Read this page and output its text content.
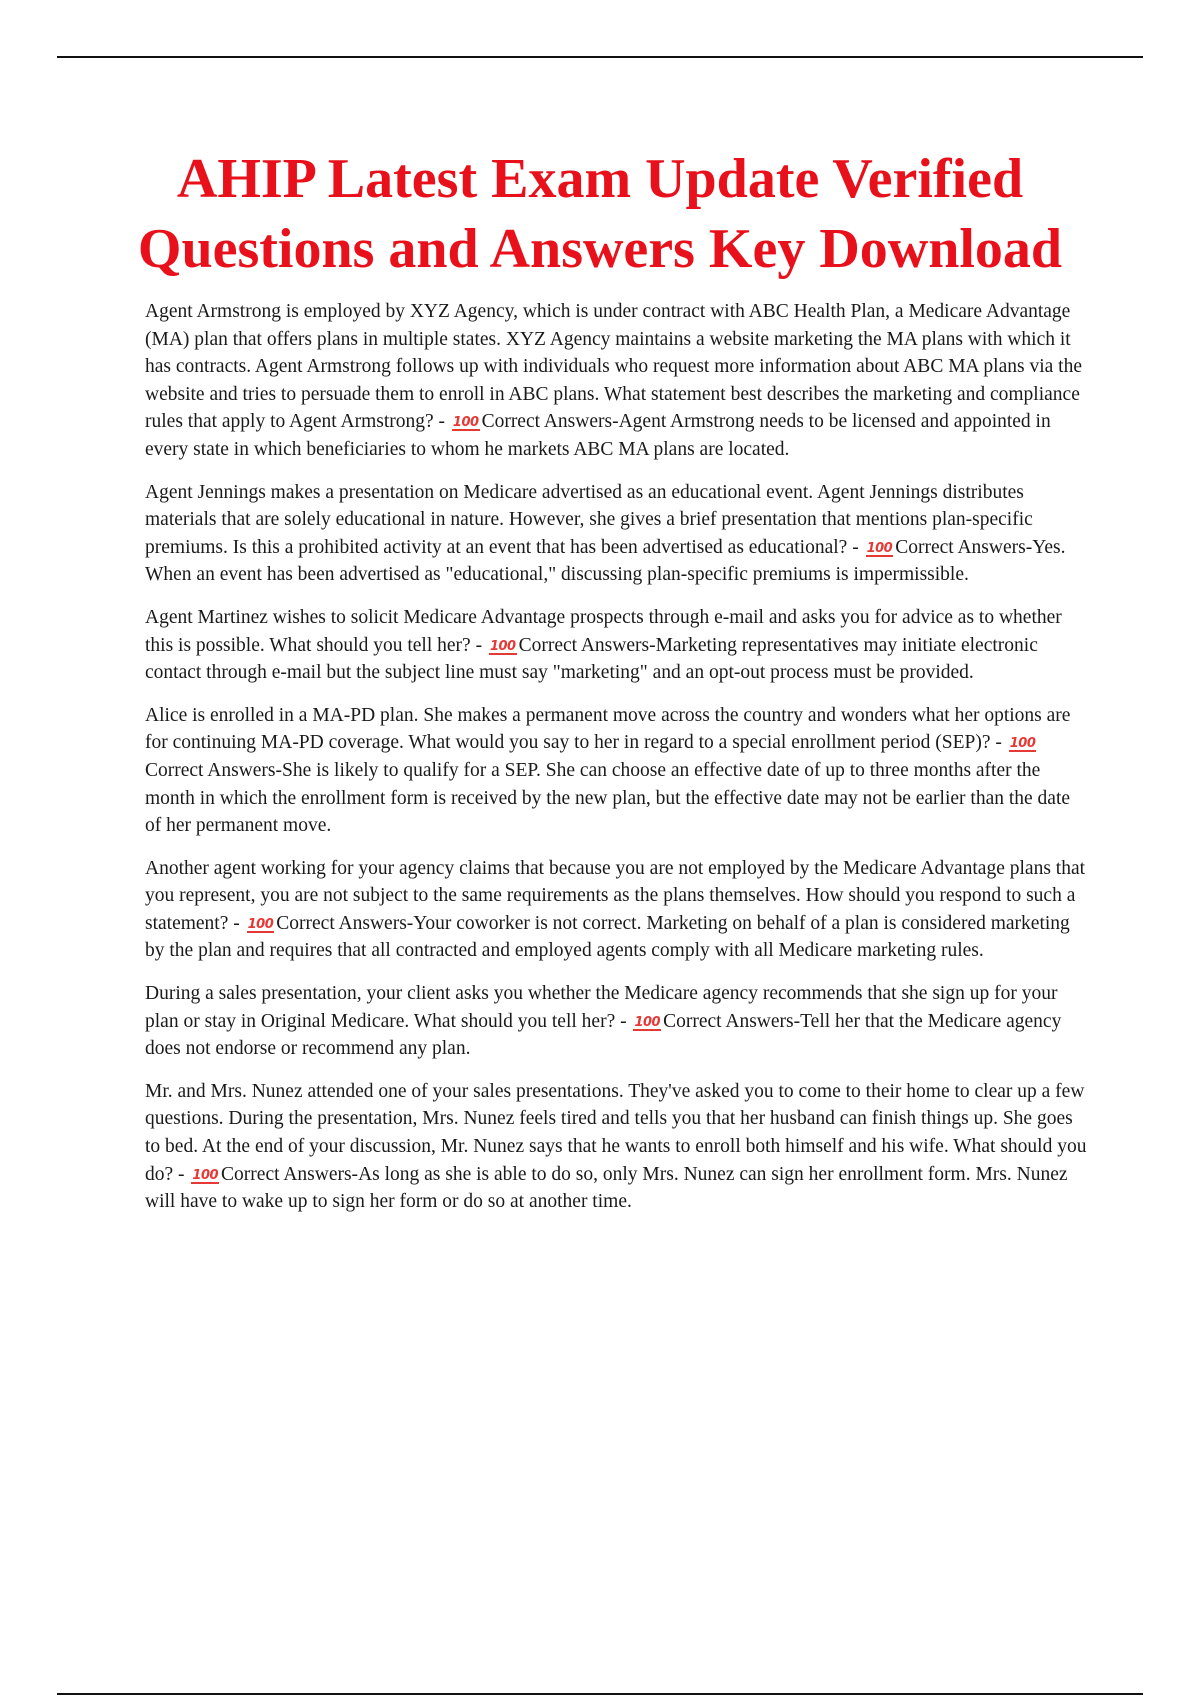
AHIP Latest Exam Update Verified
Questions and Answers Key Download

Agent Armstrong is employed by XYZ Agency, which is under contract with ABC Health Plan, a Medicare Advantage (MA) plan that offers plans in multiple states. XYZ Agency maintains a website marketing the MA plans with which it has contracts. Agent Armstrong follows up with individuals who request more information about ABC MA plans via the website and tries to persuade them to enroll in ABC plans. What statement best describes the marketing and compliance rules that apply to Agent Armstrong? - 100 Correct Answers-Agent Armstrong needs to be licensed and appointed in every state in which beneficiaries to whom he markets ABC MA plans are located.

Agent Jennings makes a presentation on Medicare advertised as an educational event. Agent Jennings distributes materials that are solely educational in nature. However, she gives a brief presentation that mentions plan-specific premiums. Is this a prohibited activity at an event that has been advertised as educational? - 100 Correct Answers-Yes. When an event has been advertised as "educational," discussing plan-specific premiums is impermissible.

Agent Martinez wishes to solicit Medicare Advantage prospects through e-mail and asks you for advice as to whether this is possible. What should you tell her? - 100 Correct Answers-Marketing representatives may initiate electronic contact through e-mail but the subject line must say "marketing" and an opt-out process must be provided.

Alice is enrolled in a MA-PD plan. She makes a permanent move across the country and wonders what her options are for continuing MA-PD coverage. What would you say to her in regard to a special enrollment period (SEP)? - 100Correct Answers-She is likely to qualify for a SEP. She can choose an effective date of up to three months after the month in which the enrollment form is received by the new plan, but the effective date may not be earlier than the date of her permanent move.

Another agent working for your agency claims that because you are not employed by the Medicare Advantage plans that you represent, you are not subject to the same requirements as the plans themselves. How should you respond to such a statement? - 100 Correct Answers-Your coworker is not correct. Marketing on behalf of a plan is considered marketing by the plan and requires that all contracted and employed agents comply with all Medicare marketing rules.

During a sales presentation, your client asks you whether the Medicare agency recommends that she sign up for your plan or stay in Original Medicare. What should you tell her? - 100 Correct Answers-Tell her that the Medicare agency does not endorse or recommend any plan.

Mr. and Mrs. Nunez attended one of your sales presentations. They've asked you to come to their home to clear up a few questions. During the presentation, Mrs. Nunez feels tired and tells you that her husband can finish things up. She goes to bed. At the end of your discussion, Mr. Nunez says that he wants to enroll both himself and his wife. What should you do? - 100 Correct Answers-As long as she is able to do so, only Mrs. Nunez can sign her enrollment form. Mrs. Nunez will have to wake up to sign her form or do so at another time.
